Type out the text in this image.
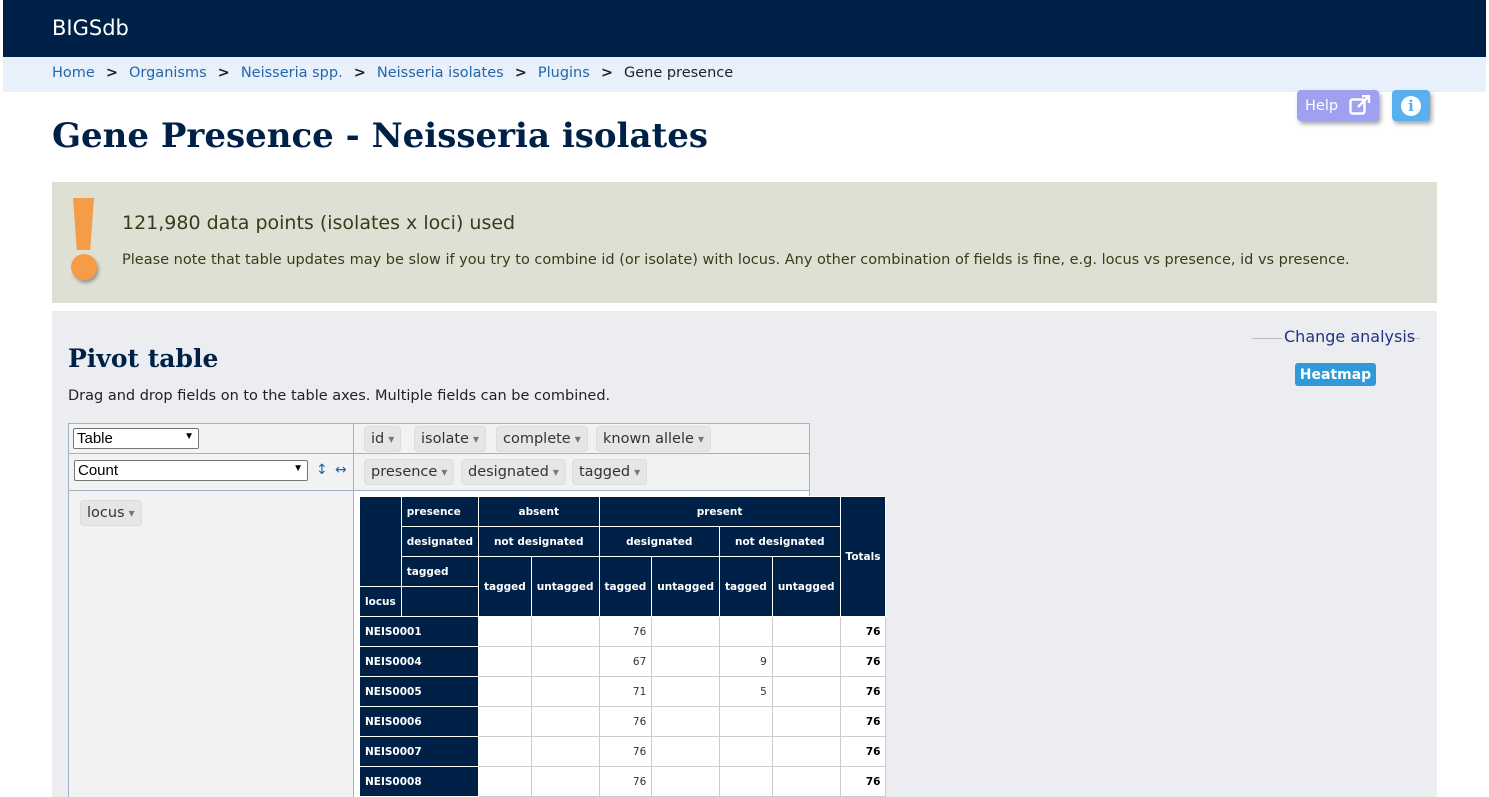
BIGSdb
Home > Organisms > Neisseria spp. > Neisseria isolates > Plugins > Gene presence
Help	i
Gene Presence - Neisseria isolates
121,980 data points (isolates x loci) used
Please note that table updates may be slow if you try to combine id (or isolate) with locus. Any other combination of fields is fine, e.g. locus vs presence, id vs presence.
Pivot table
Drag and drop fields on to the table axes. Multiple fields can be combined.
Change analysis
Heatmap
Table	▼	id ▾ isolate ▾ complete ▾ known allele ▾
Count	▼ ↕ ↔ presence ▾ designated ▾ tagged ▾
locus ▾
		presence	absent		present				Totals
	designated	not designated		designated		not designated		
	tagged	tagged	untagged	tagged	untagged	tagged	untagged	
locus								
NEIS0001				76				76
NEIS0004				67		9		76
NEIS0005				71		5		76
NEIS0006				76				76
NEIS0007				76				76
NEIS0008				76				76
